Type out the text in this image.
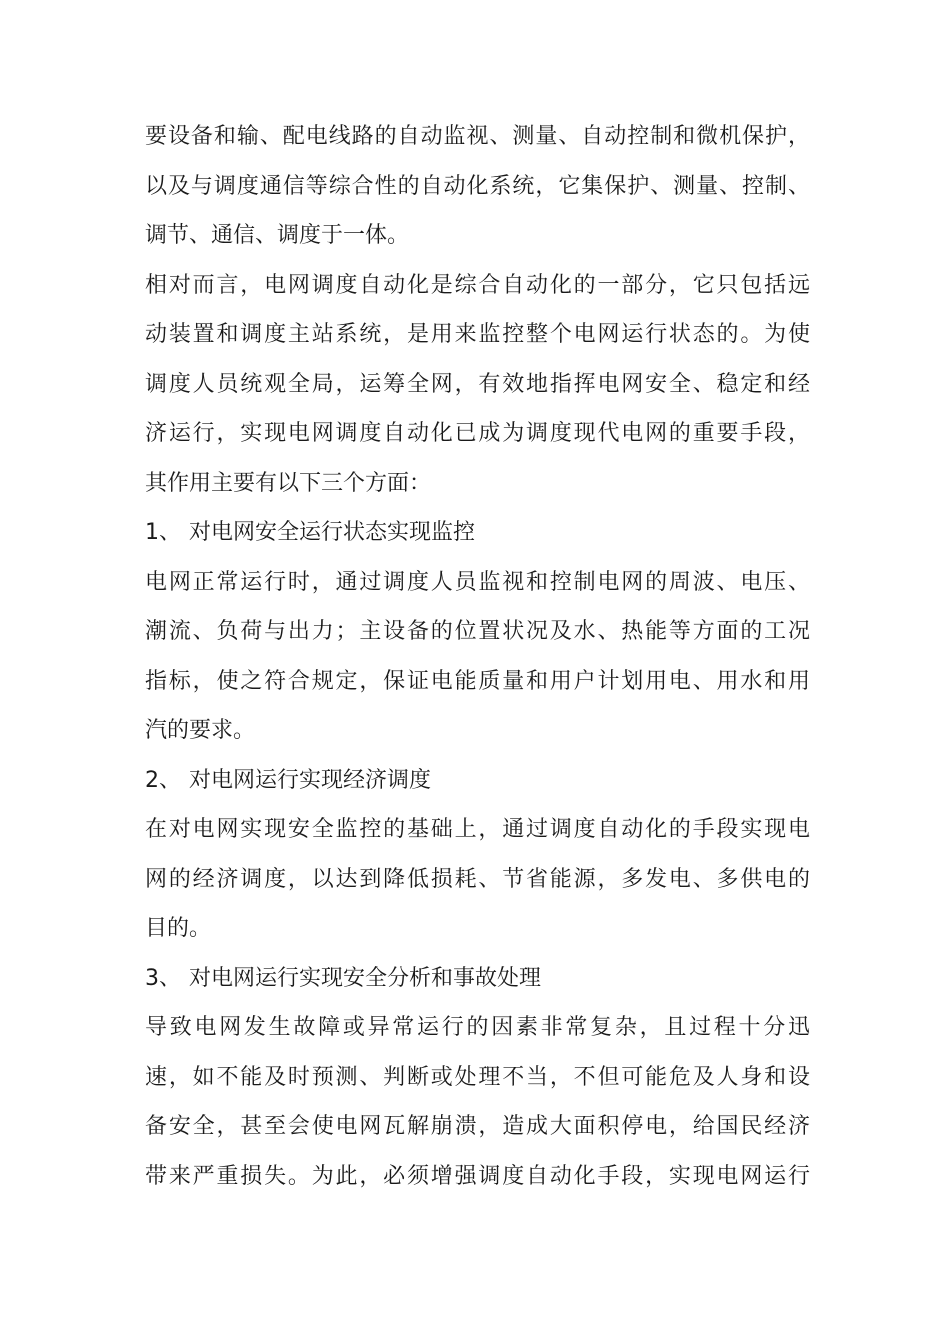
要设备和输、配电线路的自动监视、测量、自动控制和微机保护，
以及与调度通信等综合性的自动化系统，它集保护、测量、控制、
调节、通信、调度于一体。
相对而言，电网调度自动化是综合自动化的一部分，它只包括远
动装置和调度主站系统，是用来监控整个电网运行状态的。为使
调度人员统观全局，运筹全网，有效地指挥电网安全、稳定和经
济运行，实现电网调度自动化已成为调度现代电网的重要手段，
其作用主要有以下三个方面：
1、 对电网安全运行状态实现监控
电网正常运行时，通过调度人员监视和控制电网的周波、电压、
潮流、负荷与出力；主设备的位置状况及水、热能等方面的工况
指标，使之符合规定，保证电能质量和用户计划用电、用水和用
汽的要求。
2、 对电网运行实现经济调度
在对电网实现安全监控的基础上，通过调度自动化的手段实现电
网的经济调度，以达到降低损耗、节省能源，多发电、多供电的
目的。
3、 对电网运行实现安全分析和事故处理
导致电网发生故障或异常运行的因素非常复杂，且过程十分迅
速，如不能及时预测、判断或处理不当，不但可能危及人身和设
备安全，甚至会使电网瓦解崩溃，造成大面积停电，给国民经济
带来严重损失。为此，必须增强调度自动化手段，实现电网运行
